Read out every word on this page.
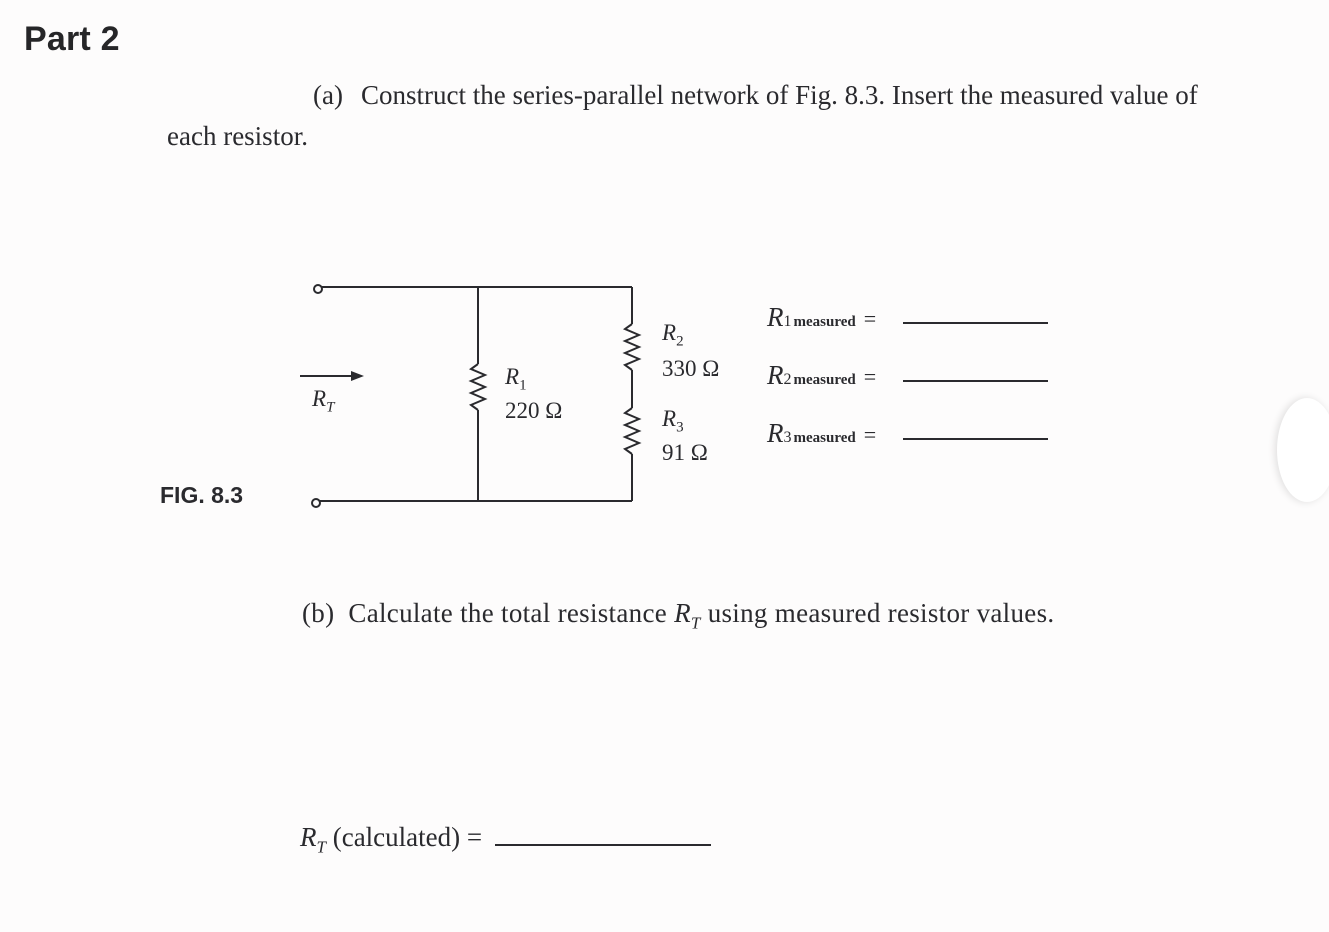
Part 2
(a) Construct the series-parallel network of Fig. 8.3. Insert the measured value of
each resistor.
$R_T$
$R_1$
220 Ω
$R_2$
330 Ω
$R_3$
91 Ω
FIG. 8.3
R1 measured =
R2 measured =
R3 measured =
(b) Calculate the total resistance $R_T$ using measured resistor values.
$R_T$ (calculated) =
